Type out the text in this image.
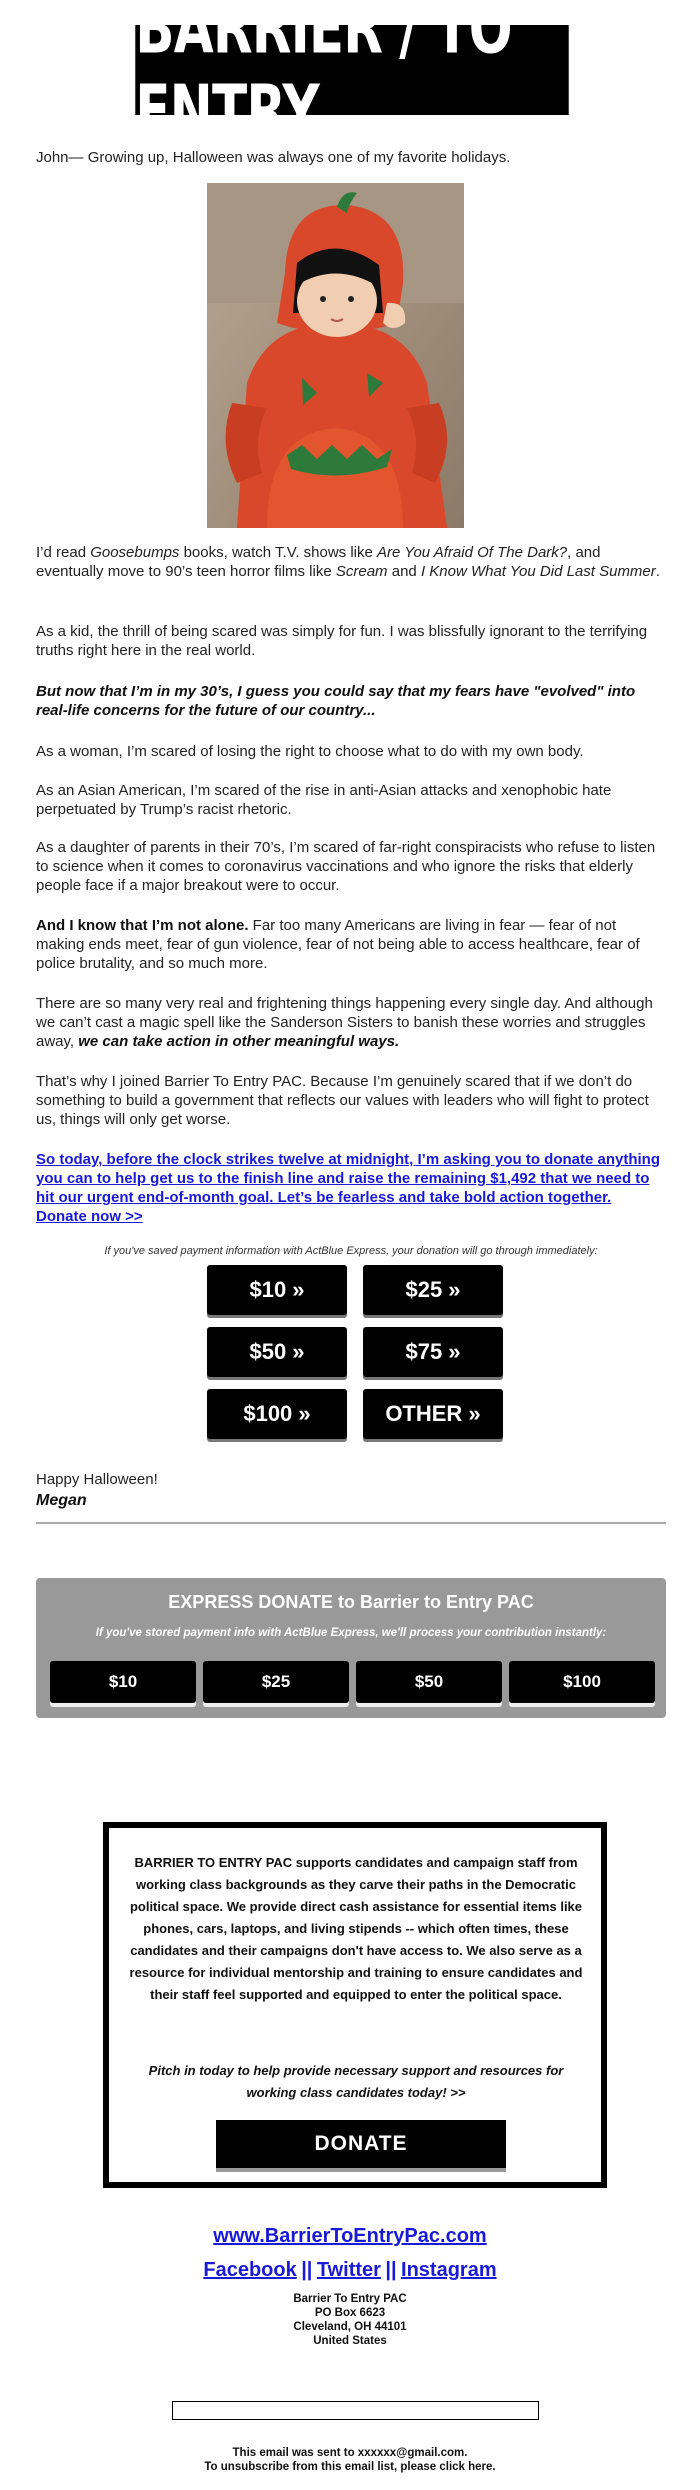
BARRIER / TO ENTRY

John— Growing up, Halloween was always one of my favorite holidays.

I’d read Goosebumps books, watch T.V. shows like Are You Afraid Of The Dark?, and eventually move to 90’s teen horror films like Scream and I Know What You Did Last Summer.

As a kid, the thrill of being scared was simply for fun. I was blissfully ignorant to the terrifying truths right here in the real world.

But now that I’m in my 30’s, I guess you could say that my fears have "evolved" into real-life concerns for the future of our country...

As a woman, I’m scared of losing the right to choose what to do with my own body.

As an Asian American, I’m scared of the rise in anti-Asian attacks and xenophobic hate perpetuated by Trump’s racist rhetoric.

As a daughter of parents in their 70’s, I’m scared of far-right conspiracists who refuse to listen to science when it comes to coronavirus vaccinations and who ignore the risks that elderly people face if a major breakout were to occur.

And I know that I’m not alone. Far too many Americans are living in fear — fear of not making ends meet, fear of gun violence, fear of not being able to access healthcare, fear of police brutality, and so much more.

There are so many very real and frightening things happening every single day. And although we can’t cast a magic spell like the Sanderson Sisters to banish these worries and struggles away, we can take action in other meaningful ways.

That’s why I joined Barrier To Entry PAC. Because I’m genuinely scared that if we don’t do something to build a government that reflects our values with leaders who will fight to protect us, things will only get worse.

So today, before the clock strikes twelve at midnight, I’m asking you to donate anything you can to help get us to the finish line and raise the remaining $1,492 that we need to hit our urgent end-of-month goal. Let’s be fearless and take bold action together. Donate now >>

If you've saved payment information with ActBlue Express, your donation will go through immediately:
$10 »	$25 »
$50 »	$75 »
$100 »	OTHER »

Happy Halloween!

Megan

EXPRESS DONATE to Barrier to Entry PAC

If you've stored payment info with ActBlue Express, we'll process your contribution instantly:

$10	$25	$50	$100

BARRIER TO ENTRY PAC supports candidates and campaign staff from working class backgrounds as they carve their paths in the Democratic political space. We provide direct cash assistance for essential items like phones, cars, laptops, and living stipends -- which often times, these candidates and their campaigns don't have access to. We also serve as a resource for individual mentorship and training to ensure candidates and their staff feel supported and equipped to enter the political space.

Pitch in today to help provide necessary support and resources for working class candidates today! >>

DONATE
www.BarrierToEntryPac.com
Facebook || Twitter || Instagram
Barrier To Entry PAC
PO Box 6623
Cleveland, OH 44101
United States
This email was sent to xxxxxx@gmail.com.
To unsubscribe from this email list, please click here.
